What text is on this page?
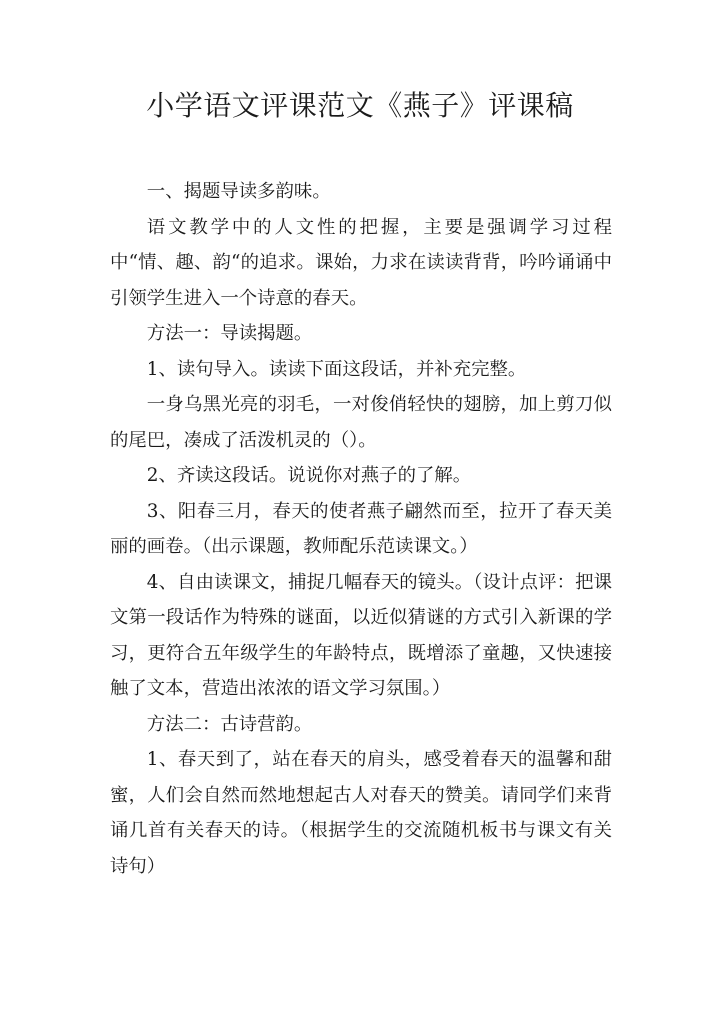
小学语文评课范文《燕子》评课稿

一、揭题导读多韵味。

语文教学中的人文性的把握，主要是强调学习过程中“情、趣、韵“的追求。课始，力求在读读背背，吟吟诵诵中引领学生进入一个诗意的春天。

方法一：导读揭题。

1、读句导入。读读下面这段话，并补充完整。

一身乌黑光亮的羽毛，一对俊俏轻快的翅膀，加上剪刀似的尾巴，凑成了活泼机灵的（）。

2、齐读这段话。说说你对燕子的了解。

3、阳春三月，春天的使者燕子翩然而至，拉开了春天美丽的画卷。（出示课题，教师配乐范读课文。）

4、自由读课文，捕捉几幅春天的镜头。（设计点评：把课文第一段话作为特殊的谜面，以近似猜谜的方式引入新课的学习，更符合五年级学生的年龄特点，既增添了童趣，又快速接触了文本，营造出浓浓的语文学习氛围。）

方法二：古诗营韵。

1、春天到了，站在春天的肩头，感受着春天的温馨和甜蜜，人们会自然而然地想起古人对春天的赞美。请同学们来背诵几首有关春天的诗。（根据学生的交流随机板书与课文有关诗句）
